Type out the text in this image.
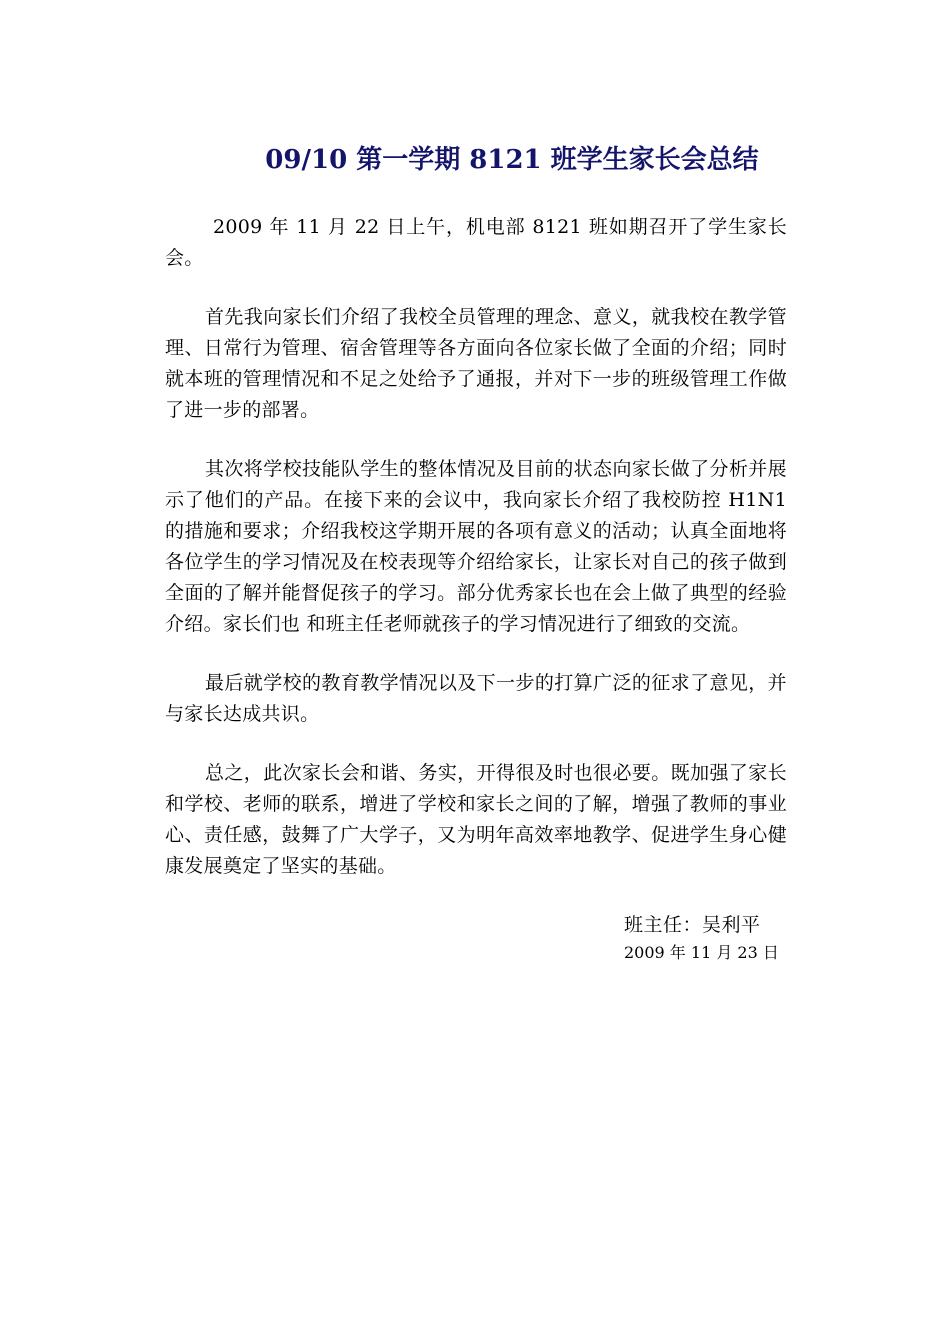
09/10 第一学期 8121 班学生家长会总结

2009 年 11 月 22 日上午，机电部 8121 班如期召开了学生家长会。

首先我向家长们介绍了我校全员管理的理念、意义，就我校在教学管理、日常行为管理、宿舍管理等各方面向各位家长做了全面的介绍；同时就本班的管理情况和不足之处给予了通报，并对下一步的班级管理工作做了进一步的部署。

其次将学校技能队学生的整体情况及目前的状态向家长做了分析并展示了他们的产品。在接下来的会议中，我向家长介绍了我校防控 H1N1 的措施和要求；介绍我校这学期开展的各项有意义的活动；认真全面地将各位学生的学习情况及在校表现等介绍给家长，让家长对自己的孩子做到全面的了解并能督促孩子的学习。部分优秀家长也在会上做了典型的经验介绍。家长们也 和班主任老师就孩子的学习情况进行了细致的交流。

最后就学校的教育教学情况以及下一步的打算广泛的征求了意见，并与家长达成共识。

总之，此次家长会和谐、务实，开得很及时也很必要。既加强了家长和学校、老师的联系，增进了学校和家长之间的了解，增强了教师的事业心、责任感，鼓舞了广大学子，又为明年高效率地教学、促进学生身心健康发展奠定了坚实的基础。

班主任：吴利平
2009 年 11 月 23 日
